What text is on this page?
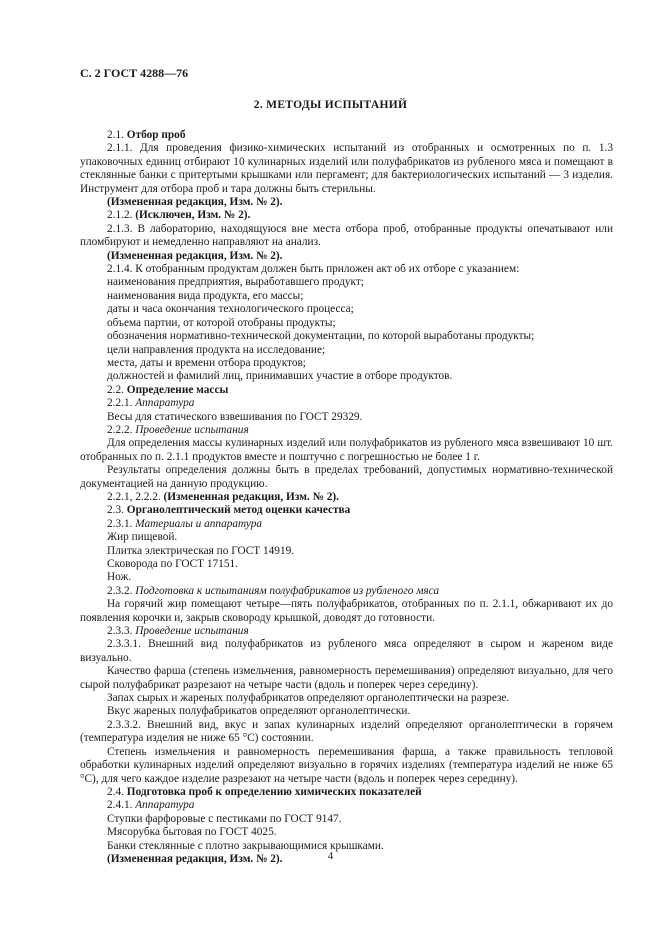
С. 2 ГОСТ 4288—76
2. МЕТОДЫ ИСПЫТАНИЙ

2.1. Отбор проб

2.1.1. Для проведения физико-химических испытаний из отобранных и осмотренных по п. 1.3 упаковочных единиц отбирают 10 кулинарных изделий или полуфабрикатов из рубленого мяса и помещают в стеклянные банки с притертыми крышками или пергамент; для бактериологических испытаний — 3 изделия. Инструмент для отбора проб и тара должны быть стерильны.

(Измененная редакция, Изм. № 2).

2.1.2. (Исключен, Изм. № 2).

2.1.3. В лабораторию, находящуюся вне места отбора проб, отобранные продукты опечатывают или пломбируют и немедленно направляют на анализ.

(Измененная редакция, Изм. № 2).

2.1.4. К отобранным продуктам должен быть приложен акт об их отборе с указанием:

наименования предприятия, выработавшего продукт;

наименования вида продукта, его массы;

даты и часа окончания технологического процесса;

объема партии, от которой отобраны продукты;

обозначения нормативно-технической документации, по которой выработаны продукты;

цели направления продукта на исследование;

места, даты и времени отбора продуктов;

должностей и фамилий лиц, принимавших участие в отборе продуктов.

2.2. Определение массы

2.2.1. Аппаратура

Весы для статического взвешивания по ГОСТ 29329.

2.2.2. Проведение испытания

Для определения массы кулинарных изделий или полуфабрикатов из рубленого мяса взвешивают 10 шт. отобранных по п. 2.1.1 продуктов вместе и поштучно с погрешностью не более 1 г.

Результаты определения должны быть в пределах требований, допустимых нормативно-технической документацией на данную продукцию.

2.2.1, 2.2.2. (Измененная редакция, Изм. № 2).

2.3. Органолептический метод оценки качества

2.3.1. Материалы и аппаратура

Жир пищевой.

Плитка электрическая по ГОСТ 14919.

Сковорода по ГОСТ 17151.

Нож.

2.3.2. Подготовка к испытаниям полуфабрикатов из рубленого мяса

На горячий жир помещают четыре—пять полуфабрикатов, отобранных по п. 2.1.1, обжаривают их до появления корочки и, закрыв сковороду крышкой, доводят до готовности.

2.3.3. Проведение испытания

2.3.3.1. Внешний вид полуфабрикатов из рубленого мяса определяют в сыром и жареном виде визуально.

Качество фарша (степень измельчения, равномерность перемешивания) определяют визуально, для чего сырой полуфабрикат разрезают на четыре части (вдоль и поперек через середину).

Запах сырых и жареных полуфабрикатов определяют органолептически на разрезе.

Вкус жареных полуфабрикатов определяют органолептически.

2.3.3.2. Внешний вид, вкус и запах кулинарных изделий определяют органолептически в горячем (температура изделия не ниже 65 °С) состоянии.

Степень измельчения и равномерность перемешивания фарша, а также правильность тепловой обработки кулинарных изделий определяют визуально в горячих изделиях (температура изделий не ниже 65 °С), для чего каждое изделие разрезают на четыре части (вдоль и поперек через середину).

2.4. Подготовка проб к определению химических показателей

2.4.1. Аппаратура

Ступки фарфоровые с пестиками по ГОСТ 9147.

Мясорубка бытовая по ГОСТ 4025.

Банки стеклянные с плотно закрывающимися крышками.

(Измененная редакция, Изм. № 2).	4
